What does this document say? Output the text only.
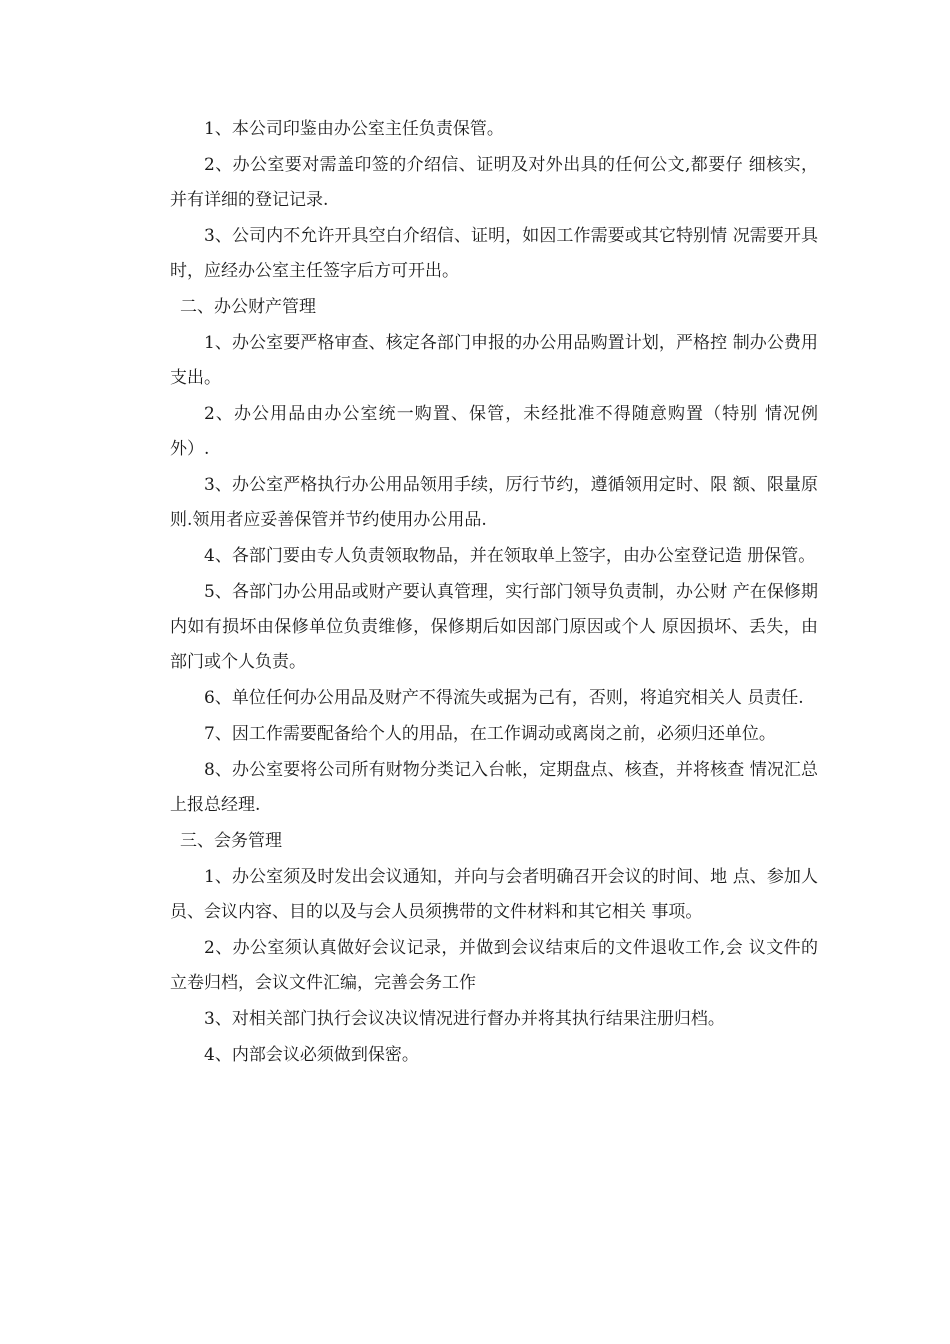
1、本公司印鉴由办公室主任负责保管。

2、办公室要对需盖印签的介绍信、证明及对外出具的任何公文,都要仔 细核实，并有详细的登记记录.

3、公司内不允许开具空白介绍信、证明，如因工作需要或其它特别情 况需要开具时，应经办公室主任签字后方可开出。

二、办公财产管理

1、办公室要严格审查、核定各部门申报的办公用品购置计划，严格控 制办公费用支出。

2、办公用品由办公室统一购置、保管，未经批准不得随意购置（特别 情况例外）.

3、办公室严格执行办公用品领用手续，厉行节约，遵循领用定时、限 额、限量原则.领用者应妥善保管并节约使用办公用品.

4、各部门要由专人负责领取物品，并在领取单上签字，由办公室登记造 册保管。

5、各部门办公用品或财产要认真管理，实行部门领导负责制，办公财 产在保修期内如有损坏由保修单位负责维修，保修期后如因部门原因或个人 原因损坏、丢失，由部门或个人负责。

6、单位任何办公用品及财产不得流失或据为己有，否则，将追究相关人 员责任.

7、因工作需要配备给个人的用品，在工作调动或离岗之前，必须归还单位。

8、办公室要将公司所有财物分类记入台帐，定期盘点、核查，并将核查 情况汇总上报总经理.

三、会务管理

1、办公室须及时发出会议通知，并向与会者明确召开会议的时间、地 点、参加人员、会议内容、目的以及与会人员须携带的文件材料和其它相关 事项。

2、办公室须认真做好会议记录，并做到会议结束后的文件退收工作,会 议文件的立卷归档，会议文件汇编，完善会务工作

3、对相关部门执行会议决议情况进行督办并将其执行结果注册归档。

4、内部会议必须做到保密。
